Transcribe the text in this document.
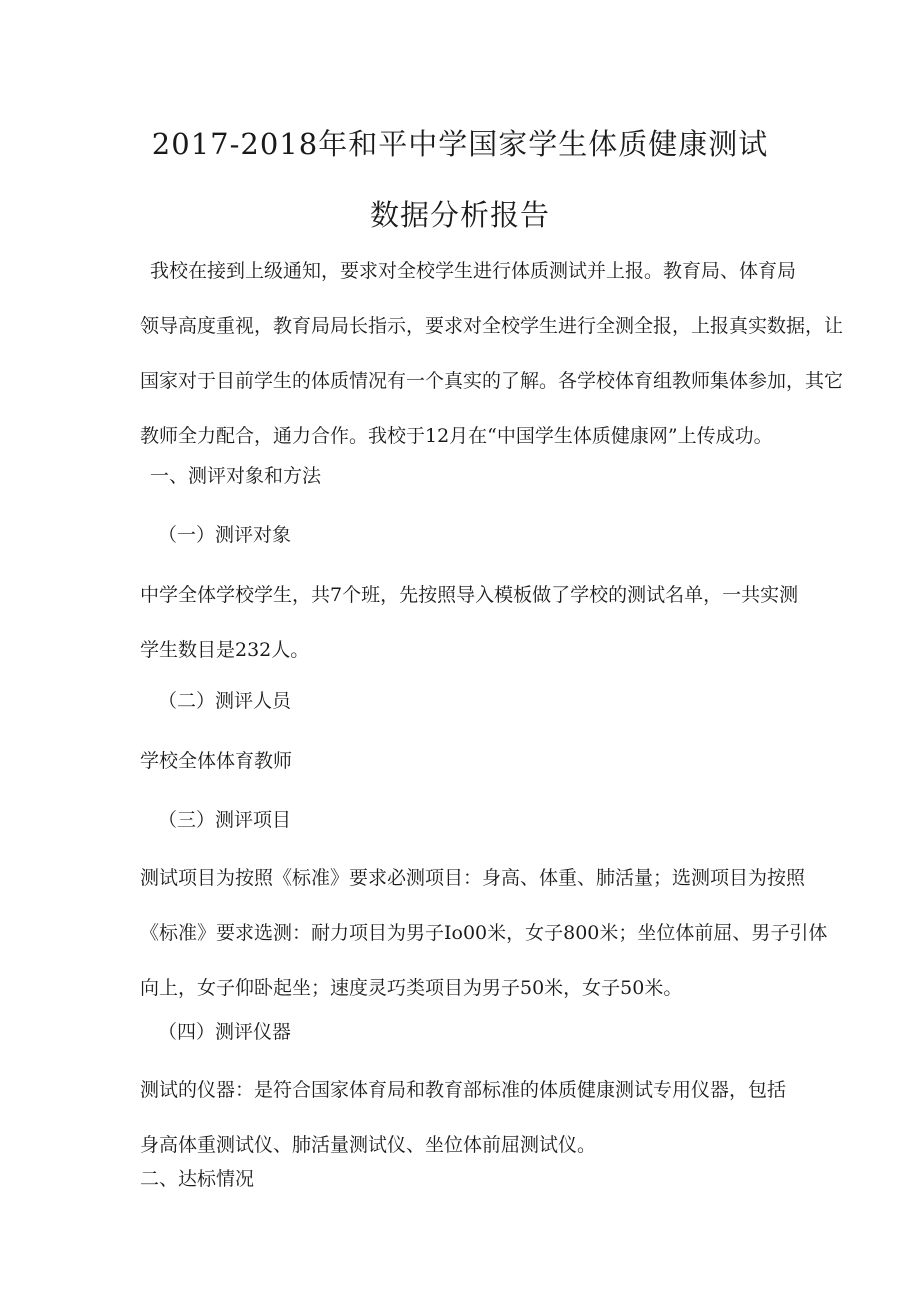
2017-2018年和平中学国家学生体质健康测试
数据分析报告

我校在接到上级通知，要求对全校学生进行体质测试并上报。教育局、体育局
领导高度重视，教育局局长指示，要求对全校学生进行全测全报，上报真实数据，让
国家对于目前学生的体质情况有一个真实的了解。各学校体育组教师集体参加，其它
教师全力配合，通力合作。我校于12月在“中国学生体质健康网”上传成功。

一、测评对象和方法
（一）测评对象

中学全体学校学生，共7个班，先按照导入模板做了学校的测试名单，一共实测
学生数目是232人。

（二）测评人员
学校全体体育教师
（三）测评项目

测试项目为按照《标准》要求必测项目：身高、体重、肺活量；选测项目为按照
《标准》要求选测：耐力项目为男子Io00米，女子800米；坐位体前屈、男子引体
向上，女子仰卧起坐；速度灵巧类项目为男子50米，女子50米。

（四）测评仪器

测试的仪器：是符合国家体育局和教育部标准的体质健康测试专用仪器，包括
身高体重测试仪、肺活量测试仪、坐位体前屈测试仪。

二、达标情况
